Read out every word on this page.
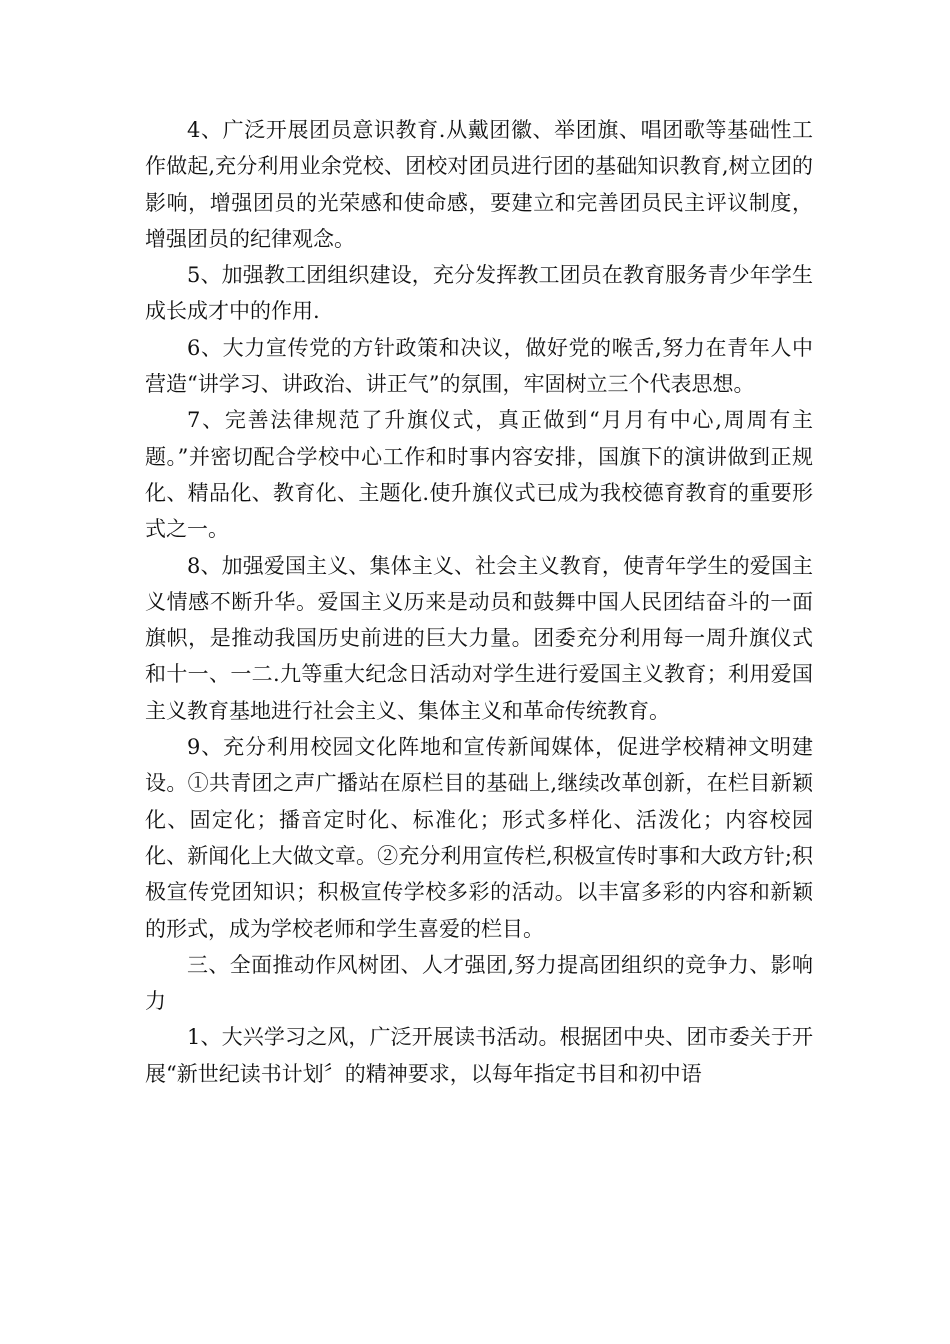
4、广泛开展团员意识教育.从戴团徽、举团旗、唱团歌等基础性工作做起,充分利用业余党校、团校对团员进行团的基础知识教育,树立团的影响，增强团员的光荣感和使命感，要建立和完善团员民主评议制度，增强团员的纪律观念。

5、加强教工团组织建设，充分发挥教工团员在教育服务青少年学生成长成才中的作用.

6、大力宣传党的方针政策和决议，做好党的喉舌,努力在青年人中营造“讲学习、讲政治、讲正气”的氛围，牢固树立三个代表思想。

7、完善法律规范了升旗仪式，真正做到“月月有中心,周周有主题。”并密切配合学校中心工作和时事内容安排，国旗下的演讲做到正规化、精品化、教育化、主题化.使升旗仪式已成为我校德育教育的重要形式之一。

8、加强爱国主义、集体主义、社会主义教育，使青年学生的爱国主义情感不断升华。爱国主义历来是动员和鼓舞中国人民团结奋斗的一面旗帜，是推动我国历史前进的巨大力量。团委充分利用每一周升旗仪式和十一、一二.九等重大纪念日活动对学生进行爱国主义教育；利用爱国主义教育基地进行社会主义、集体主义和革命传统教育。

9、充分利用校园文化阵地和宣传新闻媒体，促进学校精神文明建设。①共青团之声广播站在原栏目的基础上,继续改革创新，在栏目新颖化、固定化；播音定时化、标准化；形式多样化、活泼化；内容校园化、新闻化上大做文章。②充分利用宣传栏,积极宣传时事和大政方针;积极宣传党团知识；积极宣传学校多彩的活动。以丰富多彩的内容和新颖的形式，成为学校老师和学生喜爱的栏目。

三、全面推动作风树团、人才强团,努力提高团组织的竞争力、影响力

1、大兴学习之风，广泛开展读书活动。根据团中央、团市委关于开展“新世纪读书计划〞的精神要求，以每年指定书目和初中语
